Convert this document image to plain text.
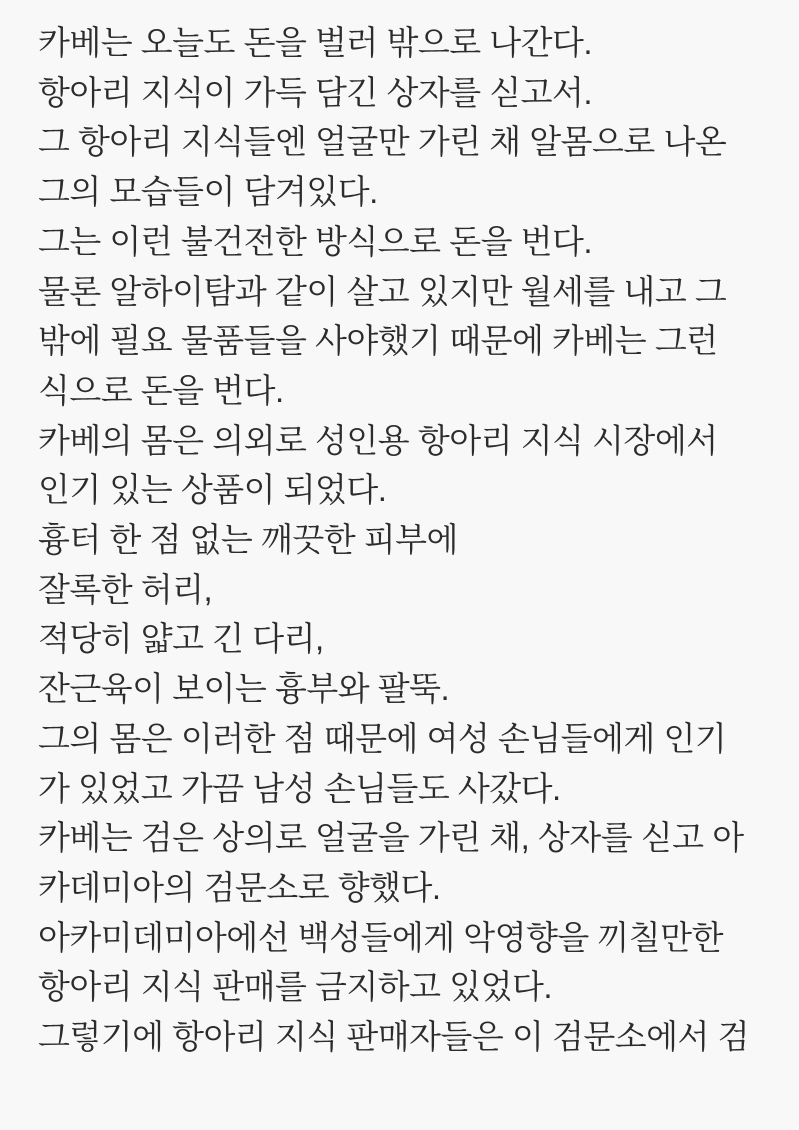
카베는 오늘도 돈을 벌러 밖으로 나간다.
항아리 지식이 가득 담긴 상자를 싣고서.
그 항아리 지식들엔 얼굴만 가린 채 알몸으로 나온
그의 모습들이 담겨있다.
그는 이런 불건전한 방식으로 돈을 번다.
물론 알하이탐과 같이 살고 있지만 월세를 내고 그
밖에 필요 물품들을 사야했기 때문에 카베는 그런
식으로 돈을 번다.
카베의 몸은 의외로 성인용 항아리 지식 시장에서
인기 있는 상품이 되었다.
흉터 한 점 없는 깨끗한 피부에
잘록한 허리,
적당히 얇고 긴 다리,
잔근육이 보이는 흉부와 팔뚝.
그의 몸은 이러한 점 때문에 여성 손님들에게 인기
가 있었고 가끔 남성 손님들도 사갔다.
카베는 검은 상의로 얼굴을 가린 채, 상자를 싣고 아
카데미아의 검문소로 향했다.
아카미데미아에선 백성들에게 악영향을 끼칠만한
항아리 지식 판매를 금지하고 있었다.
그렇기에 항아리 지식 판매자들은 이 검문소에서 검
